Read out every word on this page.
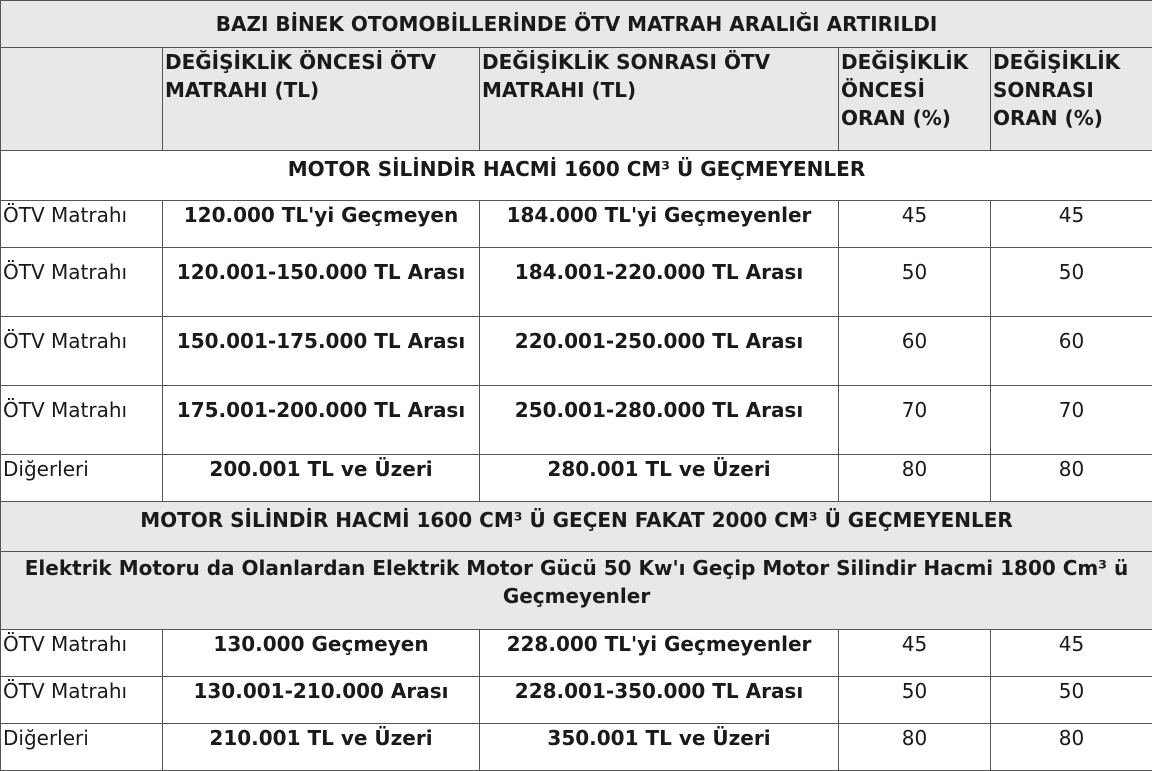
BAZI BİNEK OTOMOBİLLERİNDE ÖTV MATRAH ARALIĞI ARTIRILDI				
	DEĞİŞİKLİK ÖNCESİ ÖTV MATRAHI (TL)	DEĞİŞİKLİK SONRASI ÖTV MATRAHI (TL)	DEĞİŞİKLİK ÖNCESİ ORAN (%)	DEĞİŞİKLİK SONRASI ORAN (%)
MOTOR SİLİNDİR HACMİ 1600 CM³ Ü GEÇMEYENLER				
ÖTV Matrahı	120.000 TL'yi Geçmeyen	184.000 TL'yi Geçmeyenler	45	45
ÖTV Matrahı	120.001-150.000 TL Arası	184.001-220.000 TL Arası	50	50
ÖTV Matrahı	150.001-175.000 TL Arası	220.001-250.000 TL Arası	60	60
ÖTV Matrahı	175.001-200.000 TL Arası	250.001-280.000 TL Arası	70	70
Diğerleri	200.001 TL ve Üzeri	280.001 TL ve Üzeri	80	80
MOTOR SİLİNDİR HACMİ 1600 CM³ Ü GEÇEN FAKAT 2000 CM³ Ü GEÇMEYENLER				
Elektrik Motoru da Olanlardan Elektrik Motor Gücü 50 Kw'ı Geçip Motor Silindir Hacmi 1800 Cm³ ü Geçmeyenler				
ÖTV Matrahı	130.000 Geçmeyen	228.000 TL'yi Geçmeyenler	45	45
ÖTV Matrahı	130.001-210.000 Arası	228.001-350.000 TL Arası	50	50
Diğerleri	210.001 TL ve Üzeri	350.001 TL ve Üzeri	80	80
